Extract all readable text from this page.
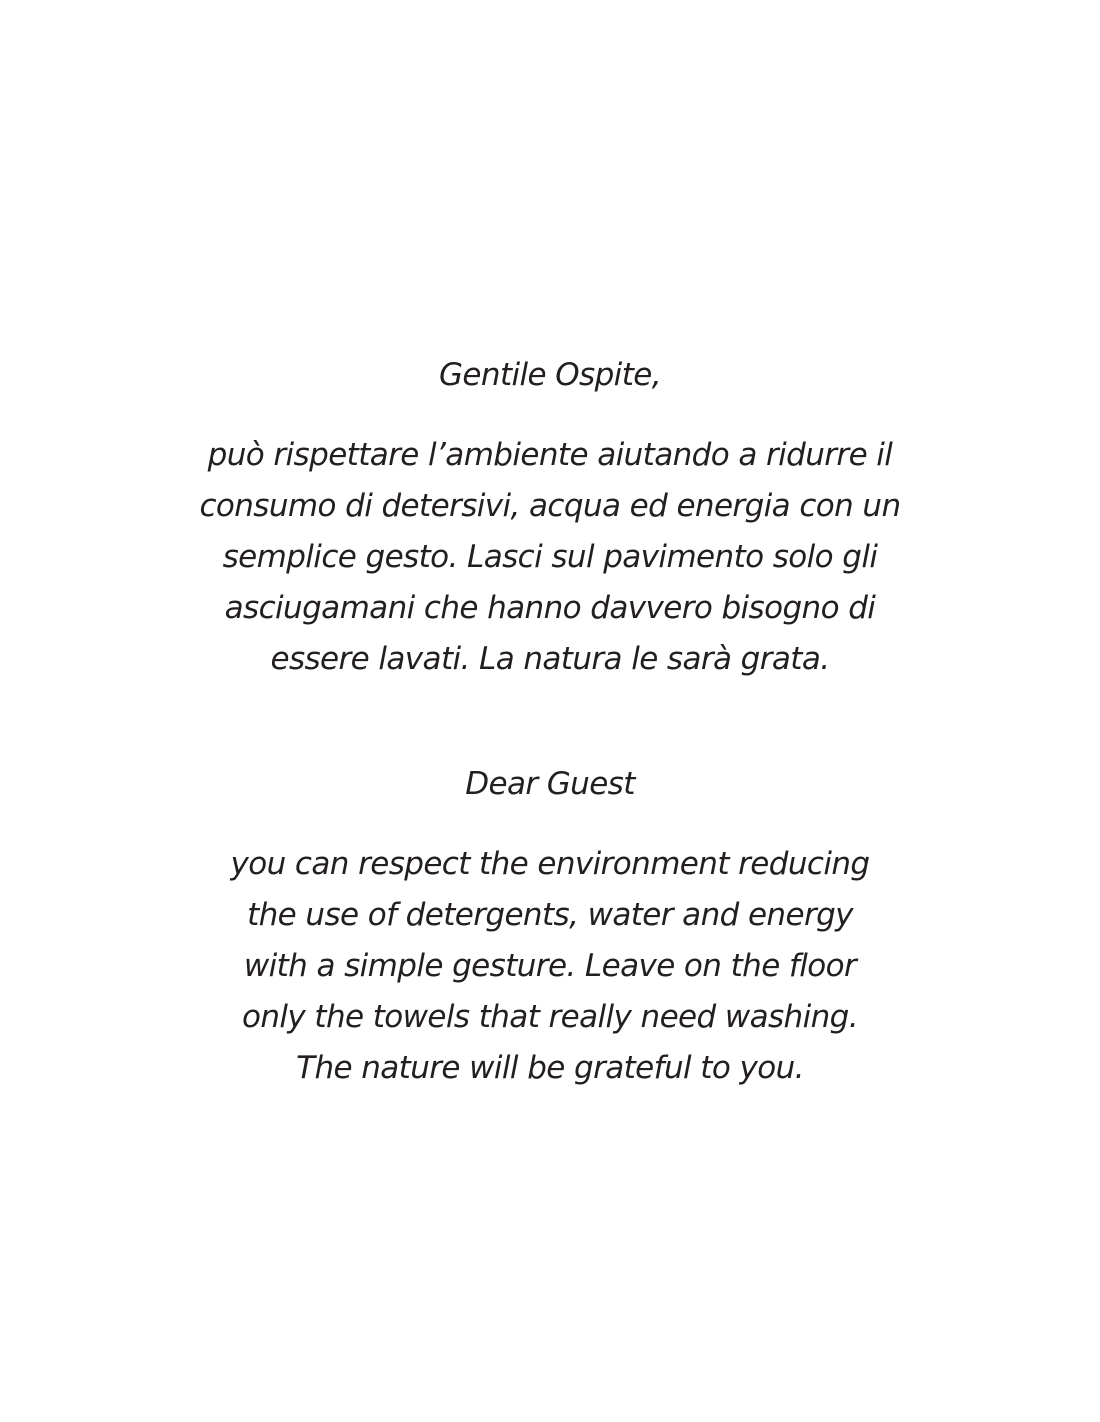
Gentile Ospite,

può rispettare l’ambiente aiutando a ridurre il
consumo di detersivi, acqua ed energia con un
semplice gesto. Lasci sul pavimento solo gli
asciugamani che hanno davvero bisogno di
essere lavati. La natura le sarà grata.

Dear Guest

you can respect the environment reducing
the use of detergents, water and energy
with a simple gesture. Leave on the floor
only the towels that really need washing.
The nature will be grateful to you.
